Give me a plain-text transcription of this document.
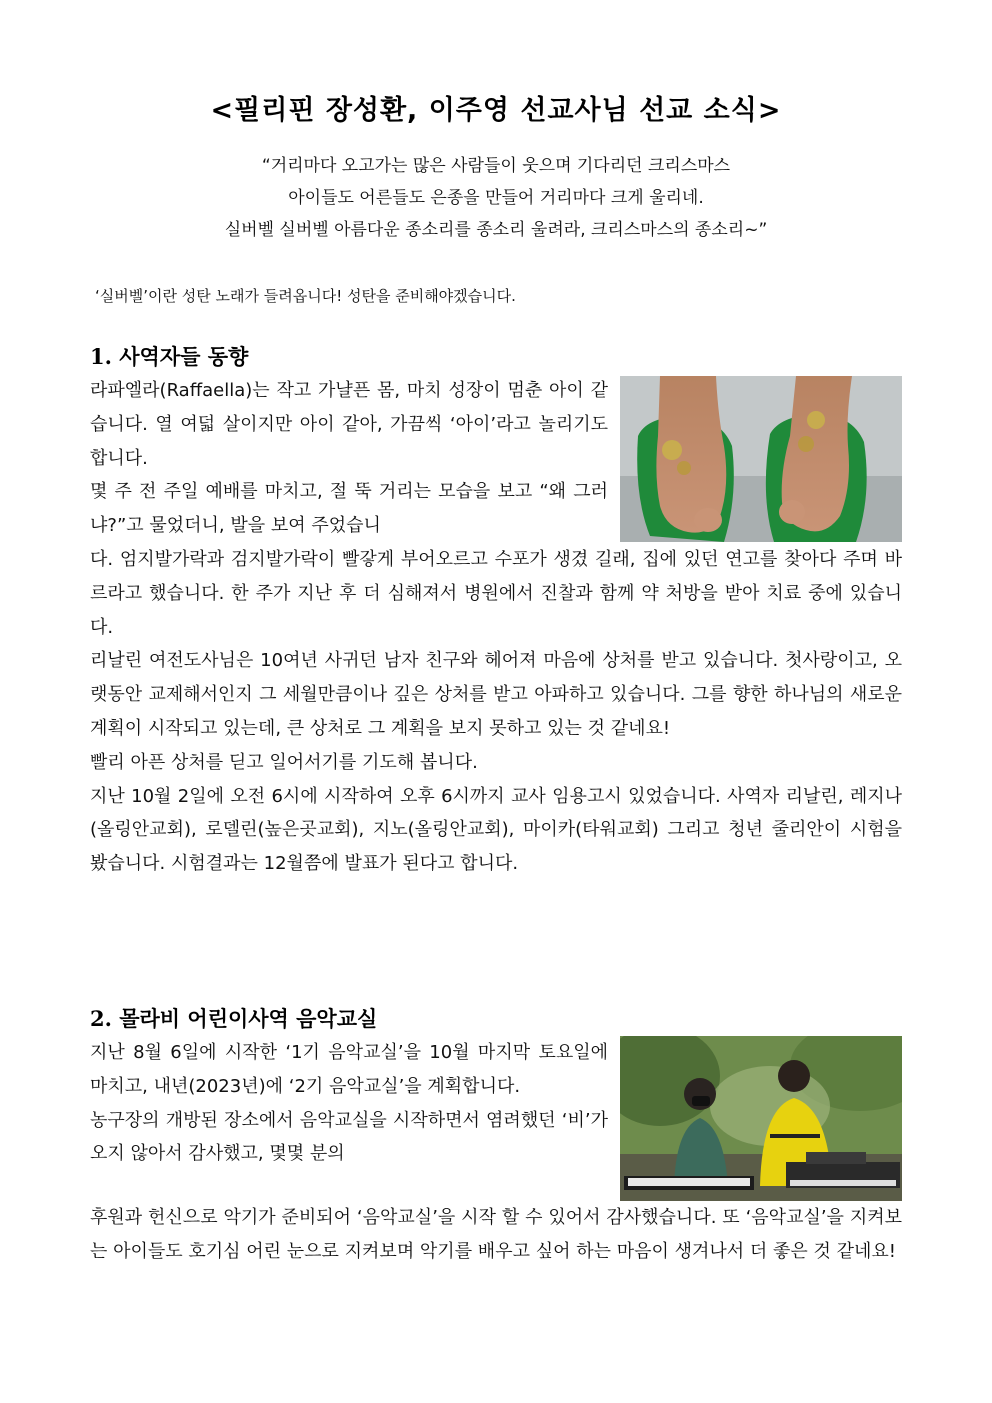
<필리핀 장성환, 이주영 선교사님 선교 소식>
“거리마다 오고가는 많은 사람들이 웃으며 기다리던 크리스마스
아이들도 어른들도 은종을 만들어 거리마다 크게 울리네.
실버벨 실버벨 아름다운 종소리를 종소리 울려라, 크리스마스의 종소리~”
‘실버벨’이란 성탄 노래가 들려옵니다! 성탄을 준비해야겠습니다.
1. 사역자들 동향

라파엘라(Raffaella)는 작고 가냘픈 몸, 마치 성장이 멈춘 아이 같습니다. 열 여덟 살이지만 아이 같아, 가끔씩 ‘아이’라고 놀리기도 합니다.

몇 주 전 주일 예배를 마치고, 절 뚝 거리는 모습을 보고 “왜 그러냐?”고 물었더니, 발을 보여 주었습니

다. 엄지발가락과 검지발가락이 빨갛게 부어오르고 수포가 생겼 길래, 집에 있던 연고를 찾아다 주며 바르라고 했습니다. 한 주가 지난 후 더 심해져서 병원에서 진찰과 함께 약 처방을 받아 치료 중에 있습니다.

리날린 여전도사님은 10여년 사귀던 남자 친구와 헤어져 마음에 상처를 받고 있습니다. 첫사랑이고, 오랫동안 교제해서인지 그 세월만큼이나 깊은 상처를 받고 아파하고 있습니다. 그를 향한 하나님의 새로운 계획이 시작되고 있는데, 큰 상처로 그 계획을 보지 못하고 있는 것 같네요!

빨리 아픈 상처를 딛고 일어서기를 기도해 봅니다.

지난 10월 2일에 오전 6시에 시작하여 오후 6시까지 교사 임용고시 있었습니다. 사역자 리날린, 레지나(올링안교회), 로델린(높은곳교회), 지노(올링안교회), 마이카(타워교회) 그리고 청년 줄리안이 시험을 봤습니다. 시험결과는 12월쯤에 발표가 된다고 합니다.

2. 몰라비 어린이사역 음악교실

지난 8월 6일에 시작한 ‘1기 음악교실’을 10월 마지막 토요일에 마치고, 내년(2023년)에 ‘2기 음악교실’을 계획합니다.

농구장의 개방된 장소에서 음악교실을 시작하면서 염려했던 ‘비’가 오지 않아서 감사했고, 몇몇 분의

후원과 헌신으로 악기가 준비되어 ‘음악교실’을 시작 할 수 있어서 감사했습니다. 또 ‘음악교실’을 지켜보는 아이들도 호기심 어린 눈으로 지켜보며 악기를 배우고 싶어 하는 마음이 생겨나서 더 좋은 것 같네요!
